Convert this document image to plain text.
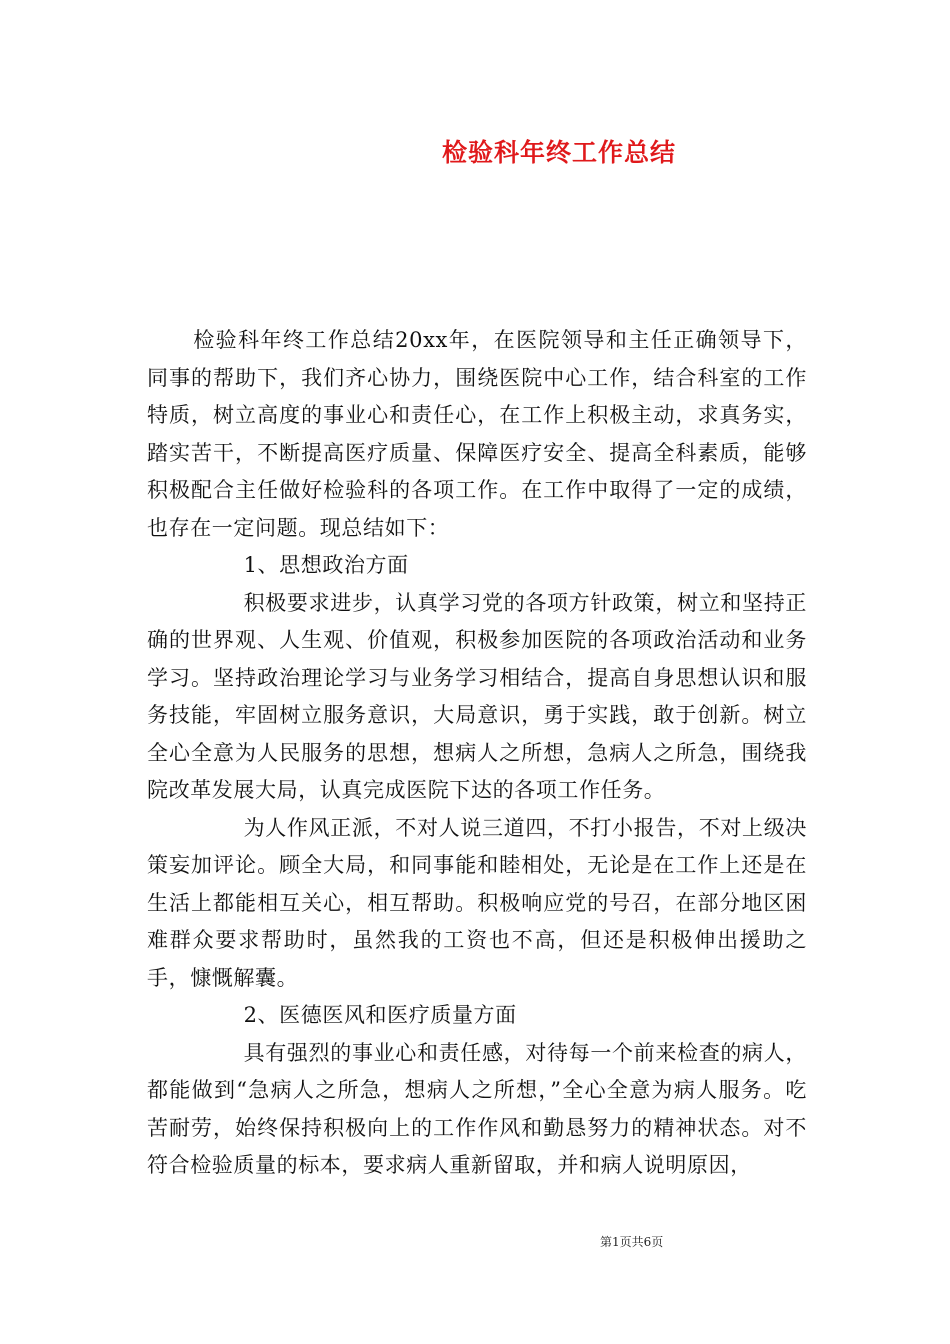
检验科年终工作总结

检验科年终工作总结20xx年，在医院领导和主任正确领导下，同事的帮助下，我们齐心协力，围绕医院中心工作，结合科室的工作特质，树立高度的事业心和责任心，在工作上积极主动，求真务实，踏实苦干，不断提高医疗质量、保障医疗安全、提高全科素质，能够积极配合主任做好检验科的各项工作。在工作中取得了一定的成绩，也存在一定问题。现总结如下：

1、思想政治方面

积极要求进步，认真学习党的各项方针政策，树立和坚持正确的世界观、人生观、价值观，积极参加医院的各项政治活动和业务学习。坚持政治理论学习与业务学习相结合，提高自身思想认识和服务技能，牢固树立服务意识，大局意识，勇于实践，敢于创新。树立全心全意为人民服务的思想，想病人之所想，急病人之所急，围绕我院改革发展大局，认真完成医院下达的各项工作任务。

为人作风正派，不对人说三道四，不打小报告，不对上级决策妄加评论。顾全大局，和同事能和睦相处，无论是在工作上还是在生活上都能相互关心，相互帮助。积极响应党的号召，在部分地区困难群众要求帮助时，虽然我的工资也不高，但还是积极伸出援助之手，慷慨解囊。

2、医德医风和医疗质量方面

具有强烈的事业心和责任感，对待每一个前来检查的病人，都能做到“急病人之所急，想病人之所想，”全心全意为病人服务。吃苦耐劳，始终保持积极向上的工作作风和勤恳努力的精神状态。对不符合检验质量的标本，要求病人重新留取，并和病人说明原因，

第1页共6页
